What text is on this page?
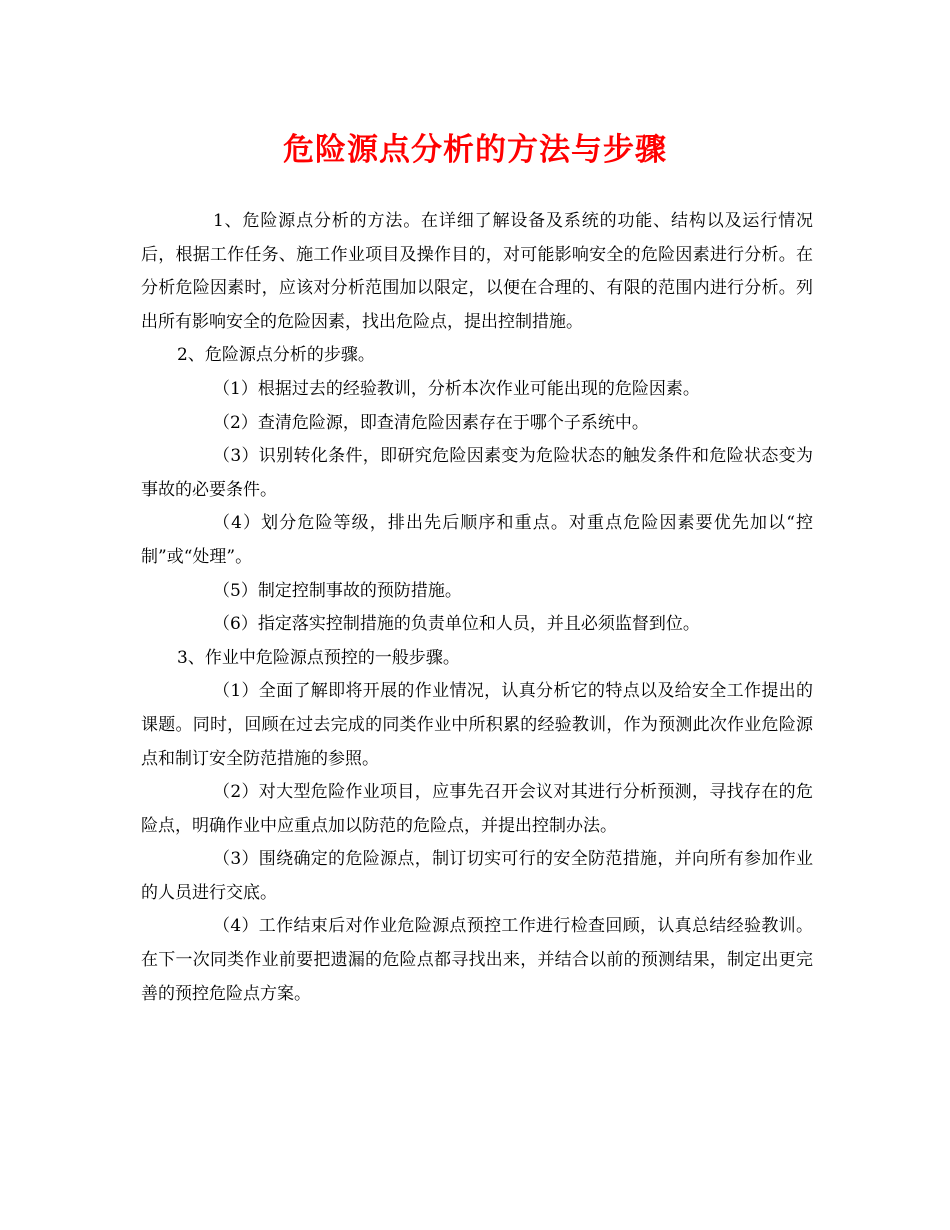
危险源点分析的方法与步骤

1、危险源点分析的方法。在详细了解设备及系统的功能、结构以及运行情况后，根据工作任务、施工作业项目及操作目的，对可能影响安全的危险因素进行分析。在分析危险因素时，应该对分析范围加以限定，以便在合理的、有限的范围内进行分析。列出所有影响安全的危险因素，找出危险点，提出控制措施。

2、危险源点分析的步骤。

（1）根据过去的经验教训，分析本次作业可能出现的危险因素。

（2）查清危险源，即查清危险因素存在于哪个子系统中。

（3）识别转化条件，即研究危险因素变为危险状态的触发条件和危险状态变为事故的必要条件。

（4）划分危险等级，排出先后顺序和重点。对重点危险因素要优先加以“控制”或“处理”。

（5）制定控制事故的预防措施。

（6）指定落实控制措施的负责单位和人员，并且必须监督到位。

3、作业中危险源点预控的一般步骤。

（1）全面了解即将开展的作业情况，认真分析它的特点以及给安全工作提出的课题。同时，回顾在过去完成的同类作业中所积累的经验教训，作为预测此次作业危险源点和制订安全防范措施的参照。

（2）对大型危险作业项目，应事先召开会议对其进行分析预测，寻找存在的危险点，明确作业中应重点加以防范的危险点，并提出控制办法。

（3）围绕确定的危险源点，制订切实可行的安全防范措施，并向所有参加作业的人员进行交底。

（4）工作结束后对作业危险源点预控工作进行检查回顾，认真总结经验教训。在下一次同类作业前要把遗漏的危险点都寻找出来，并结合以前的预测结果，制定出更完善的预控危险点方案。
